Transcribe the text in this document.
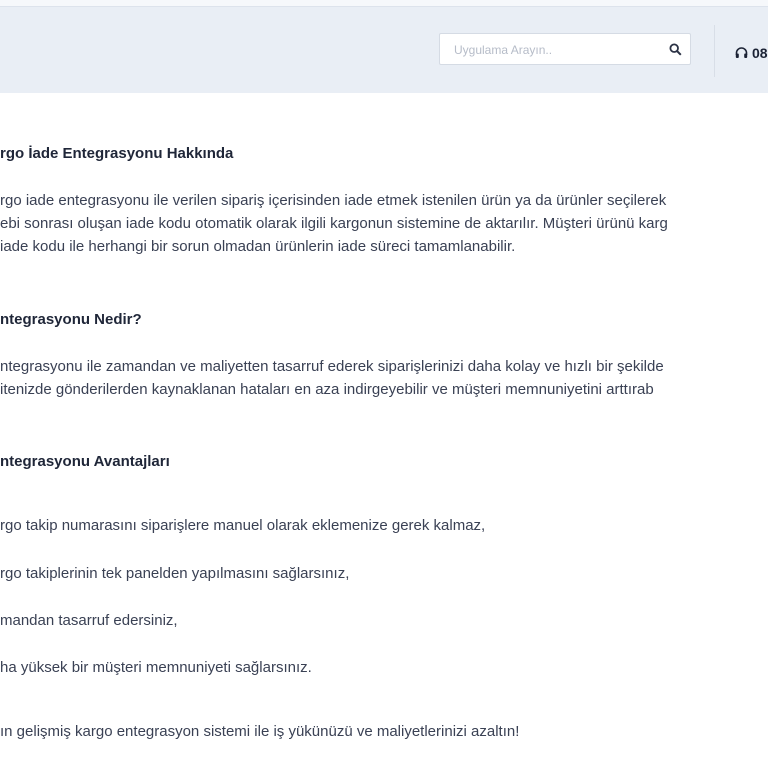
Uygulama Arayın..
08
rgo İade Entegrasyonu Hakkında
rgo iade entegrasyonu ile verilen sipariş içerisinden iade etmek istenilen ürün ya da ürünler seçilerek
ebi sonrası oluşan iade kodu otomatik olarak ilgili kargonun sistemine de aktarılır. Müşteri ürünü karg
iade kodu ile herhangi bir sorun olmadan ürünlerin iade süreci tamamlanabilir.
ntegrasyonu Nedir?
ntegrasyonu ile zamandan ve maliyetten tasarruf ederek siparişlerinizi daha kolay ve hızlı bir şekilde
itenizde gönderilerden kaynaklanan hataları en aza indirgeyebilir ve müşteri memnuniyetini arttırab
ntegrasyonu Avantajları
rgo takip numarasını siparişlere manuel olarak eklemenize gerek kalmaz,
rgo takiplerinin tek panelden yapılmasını sağlarsınız,
mandan tasarruf edersiniz,
ha yüksek bir müşteri memnuniyeti sağlarsınız.
ın gelişmiş kargo entegrasyon sistemi ile iş yükünüzü ve maliyetlerinizi azaltın!
